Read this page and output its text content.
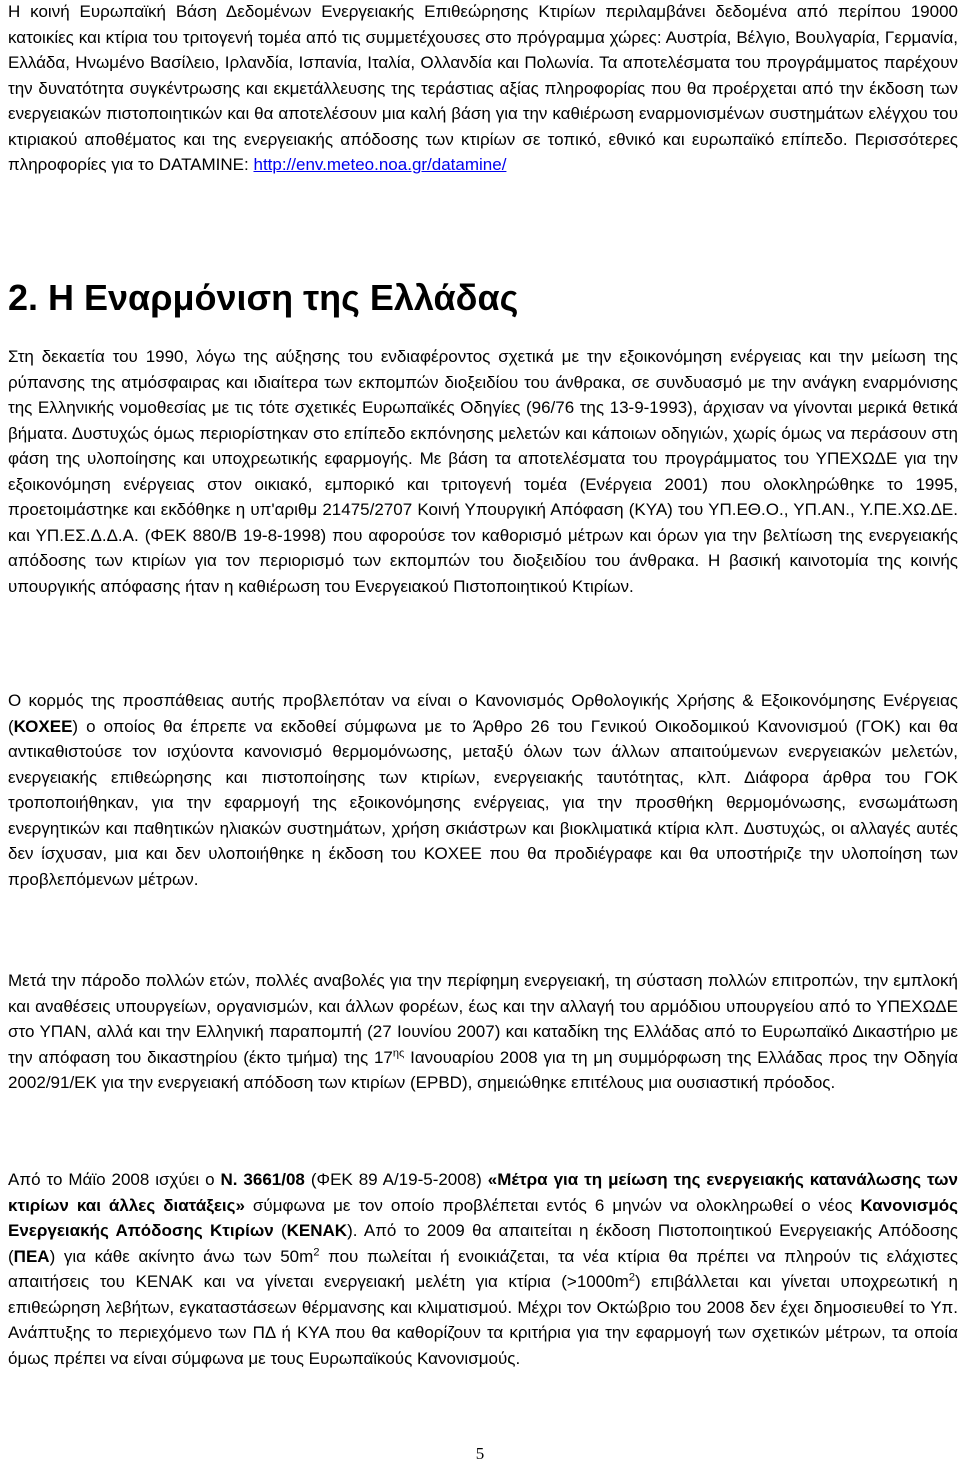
Η κοινή Ευρωπαϊκή Βάση Δεδομένων Ενεργειακής Επιθεώρησης Κτιρίων περιλαμβάνει δεδομένα από περίπου 19000 κατοικίες και κτίρια του τριτογενή τομέα από τις συμμετέχουσες στο πρόγραμμα χώρες: Αυστρία, Βέλγιο, Βουλγαρία, Γερμανία, Ελλάδα, Ηνωμένο Βασίλειο, Ιρλανδία, Ισπανία, Ιταλία, Ολλανδία και Πολωνία. Τα αποτελέσματα του προγράμματος παρέχουν την δυνατότητα συγκέντρωσης και εκμετάλλευσης της τεράστιας αξίας πληροφορίας που θα προέρχεται από την έκδοση των ενεργειακών πιστοποιητικών και θα αποτελέσουν μια καλή βάση για την καθιέρωση εναρμονισμένων συστημάτων ελέγχου του κτιριακού αποθέματος και της ενεργειακής απόδοσης των κτιρίων σε τοπικό, εθνικό και ευρωπαϊκό επίπεδο. Περισσότερες πληροφορίες για το DATAMINE: http://env.meteo.noa.gr/datamine/

2. Η Εναρμόνιση της Ελλάδας

Στη δεκαετία του 1990, λόγω της αύξησης του ενδιαφέροντος σχετικά με την εξοικονόμηση ενέργειας και την μείωση της ρύπανσης της ατμόσφαιρας και ιδιαίτερα των εκπομπών διοξειδίου του άνθρακα, σε συνδυασμό με την ανάγκη εναρμόνισης της Ελληνικής νομοθεσίας με τις τότε σχετικές Ευρωπαϊκές Οδηγίες (96/76 της 13-9-1993), άρχισαν να γίνονται μερικά θετικά βήματα. Δυστυχώς όμως περιορίστηκαν στο επίπεδο εκπόνησης μελετών και κάποιων οδηγιών, χωρίς όμως να περάσουν στη φάση της υλοποίησης και υποχρεωτικής εφαρμογής. Με βάση τα αποτελέσματα του προγράμματος του ΥΠΕΧΩΔΕ για την εξοικονόμηση ενέργειας στον οικιακό, εμπορικό και τριτογενή τομέα (Ενέργεια 2001) που ολοκληρώθηκε το 1995, προετοιμάστηκε και εκδόθηκε η υπ'αριθμ 21475/2707 Κοινή Υπουργική Απόφαση (ΚΥΑ) του ΥΠ.ΕΘ.Ο., ΥΠ.ΑΝ., Υ.ΠΕ.ΧΩ.ΔΕ. και ΥΠ.ΕΣ.Δ.Δ.Α. (ΦΕΚ 880/Β 19-8-1998) που αφορούσε τον καθορισμό μέτρων και όρων για την βελτίωση της ενεργειακής απόδοσης των κτιρίων για τον περιορισμό των εκπομπών του διοξειδίου του άνθρακα. Η βασική καινοτομία της κοινής υπουργικής απόφασης ήταν η καθιέρωση του Ενεργειακού Πιστοποιητικού Κτιρίων.

Ο κορμός της προσπάθειας αυτής προβλεπόταν να είναι ο Κανονισμός Ορθολογικής Χρήσης & Εξοικονόμησης Ενέργειας (ΚΟΧΕΕ) ο οποίος θα έπρεπε να εκδοθεί σύμφωνα με το Άρθρο 26 του Γενικού Οικοδομικού Κανονισμού (ΓΟΚ) και θα αντικαθιστούσε τον ισχύοντα κανονισμό θερμομόνωσης, μεταξύ όλων των άλλων απαιτούμενων ενεργειακών μελετών, ενεργειακής επιθεώρησης και πιστοποίησης των κτιρίων, ενεργειακής ταυτότητας, κλπ. Διάφορα άρθρα του ΓΟΚ τροποποιήθηκαν, για την εφαρμογή της εξοικονόμησης ενέργειας, για την προσθήκη θερμομόνωσης, ενσωμάτωση ενεργητικών και παθητικών ηλιακών συστημάτων, χρήση σκιάστρων και βιοκλιματικά κτίρια κλπ. Δυστυχώς, οι αλλαγές αυτές δεν ίσχυσαν, μια και δεν υλοποιήθηκε η έκδοση του ΚΟΧΕΕ που θα προδιέγραφε και θα υποστήριζε την υλοποίηση των προβλεπόμενων μέτρων.

Μετά την πάροδο πολλών ετών, πολλές αναβολές για την περίφημη ενεργειακή, τη σύσταση πολλών επιτροπών, την εμπλοκή και αναθέσεις υπουργείων, οργανισμών, και άλλων φορέων, έως και την αλλαγή του αρμόδιου υπουργείου από το ΥΠΕΧΩΔΕ στο ΥΠΑΝ, αλλά και την Ελληνική παραπομπή (27 Ιουνίου 2007) και καταδίκη της Ελλάδας από το Ευρωπαϊκό Δικαστήριο με την απόφαση του δικαστηρίου (έκτο τμήμα) της $17^{\eta\varsigma}$ Ιανουαρίου 2008 για τη μη συμμόρφωση της Ελλάδας προς την Οδηγία 2002/91/ΕΚ για την ενεργειακή απόδοση των κτιρίων (EPBD), σημειώθηκε επιτέλους μια ουσιαστική πρόοδος.

Από το Μάϊο 2008 ισχύει ο Ν. 3661/08 (ΦΕΚ 89 Α/19-5-2008) «Μέτρα για τη μείωση της ενεργειακής κατανάλωσης των κτιρίων και άλλες διατάξεις» σύμφωνα με τον οποίο προβλέπεται εντός 6 μηνών να ολοκληρωθεί ο νέος Κανονισμός Ενεργειακής Απόδοσης Κτιρίων (ΚΕΝΑΚ). Από το 2009 θα απαιτείται η έκδοση Πιστοποιητικού Ενεργειακής Απόδοσης (ΠΕΑ) για κάθε ακίνητο άνω των $50m^2$ που πωλείται ή ενοικιάζεται, τα νέα κτίρια θα πρέπει να πληρούν τις ελάχιστες απαιτήσεις του ΚΕΝΑΚ και να γίνεται ενεργειακή μελέτη για κτίρια $(>1000m^2)$ επιβάλλεται και γίνεται υποχρεωτική η επιθεώρηση λεβήτων, εγκαταστάσεων θέρμανσης και κλιματισμού. Μέχρι τον Οκτώβριο του 2008 δεν έχει δημοσιευθεί το Υπ. Ανάπτυξης το περιεχόμενο των ΠΔ ή ΚΥΑ που θα καθορίζουν τα κριτήρια για την εφαρμογή των σχετικών μέτρων, τα οποία όμως πρέπει να είναι σύμφωνα με τους Ευρωπαϊκούς Κανονισμούς.

5
